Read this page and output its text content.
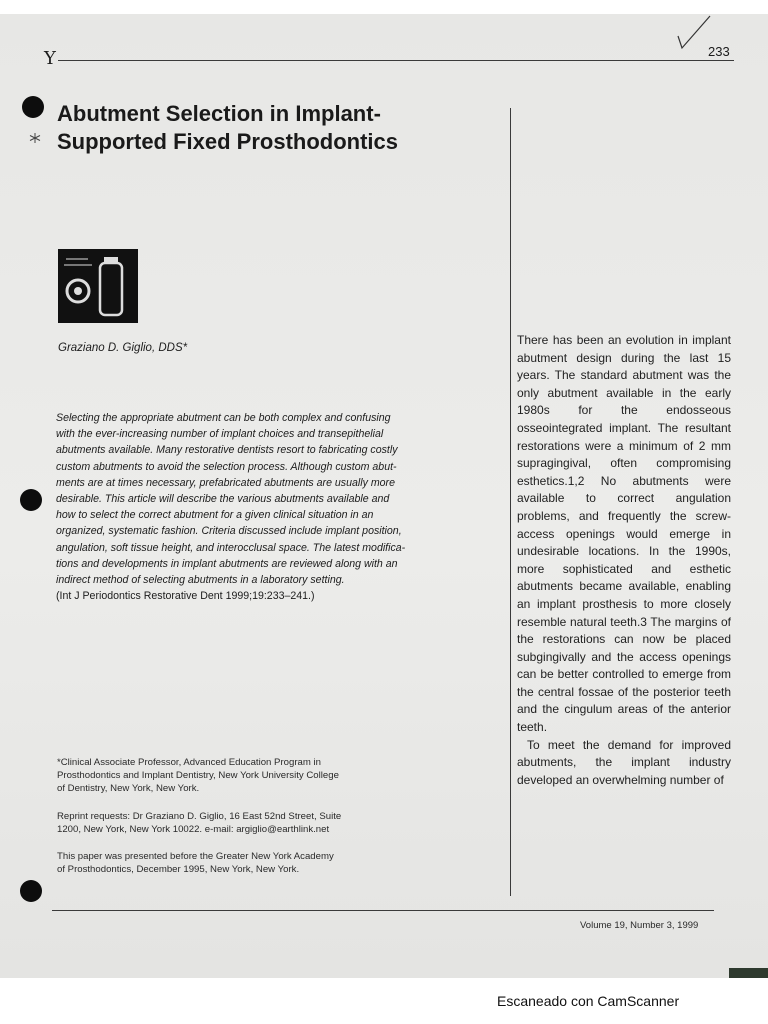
Y	233
Abutment Selection in Implant-
Supported Fixed Prosthodontics
Graziano D. Giglio, DDS*
Selecting the appropriate abutment can be both complex and confusing
with the ever-increasing number of implant choices and transepithelial
abutments available. Many restorative dentists resort to fabricating costly
custom abutments to avoid the selection process. Although custom abut-
ments are at times necessary, prefabricated abutments are usually more
desirable. This article will describe the various abutments available and
how to select the correct abutment for a given clinical situation in an
organized, systematic fashion. Criteria discussed include implant position,
angulation, soft tissue height, and interocclusal space. The latest modifica-
tions and developments in implant abutments are reviewed along with an
indirect method of selecting abutments in a laboratory setting.
(Int J Periodontics Restorative Dent 1999;19:233–241.)
*Clinical Associate Professor, Advanced Education Program in
Prosthodontics and Implant Dentistry, New York University College
of Dentistry, New York, New York.
Reprint requests: Dr Graziano D. Giglio, 16 East 52nd Street, Suite
1200, New York, New York 10022. e-mail: argiglio@earthlink.net
This paper was presented before the Greater New York Academy
of Prosthodontics, December 1995, New York, New York.

There has been an evolution in implant abutment design during the last 15 years. The standard abutment was the only abutment available in the early 1980s for the endosseous osseointegrated implant. The resultant restorations were a minimum of 2 mm supragingival, often compromising esthetics.1,2 No abutments were available to correct angulation problems, and frequently the screw-access openings would emerge in undesirable locations. In the 1990s, more sophisticated and esthetic abutments became available, enabling an implant prosthesis to more closely resemble natural teeth.3 The margins of the restorations can now be placed subgingivally and the access openings can be better controlled to emerge from the central fossae of the posterior teeth and the cingulum areas of the anterior teeth.

To meet the demand for improved abutments, the implant industry developed an overwhelming number of

Volume 19, Number 3, 1999
Escaneado con CamScanner
